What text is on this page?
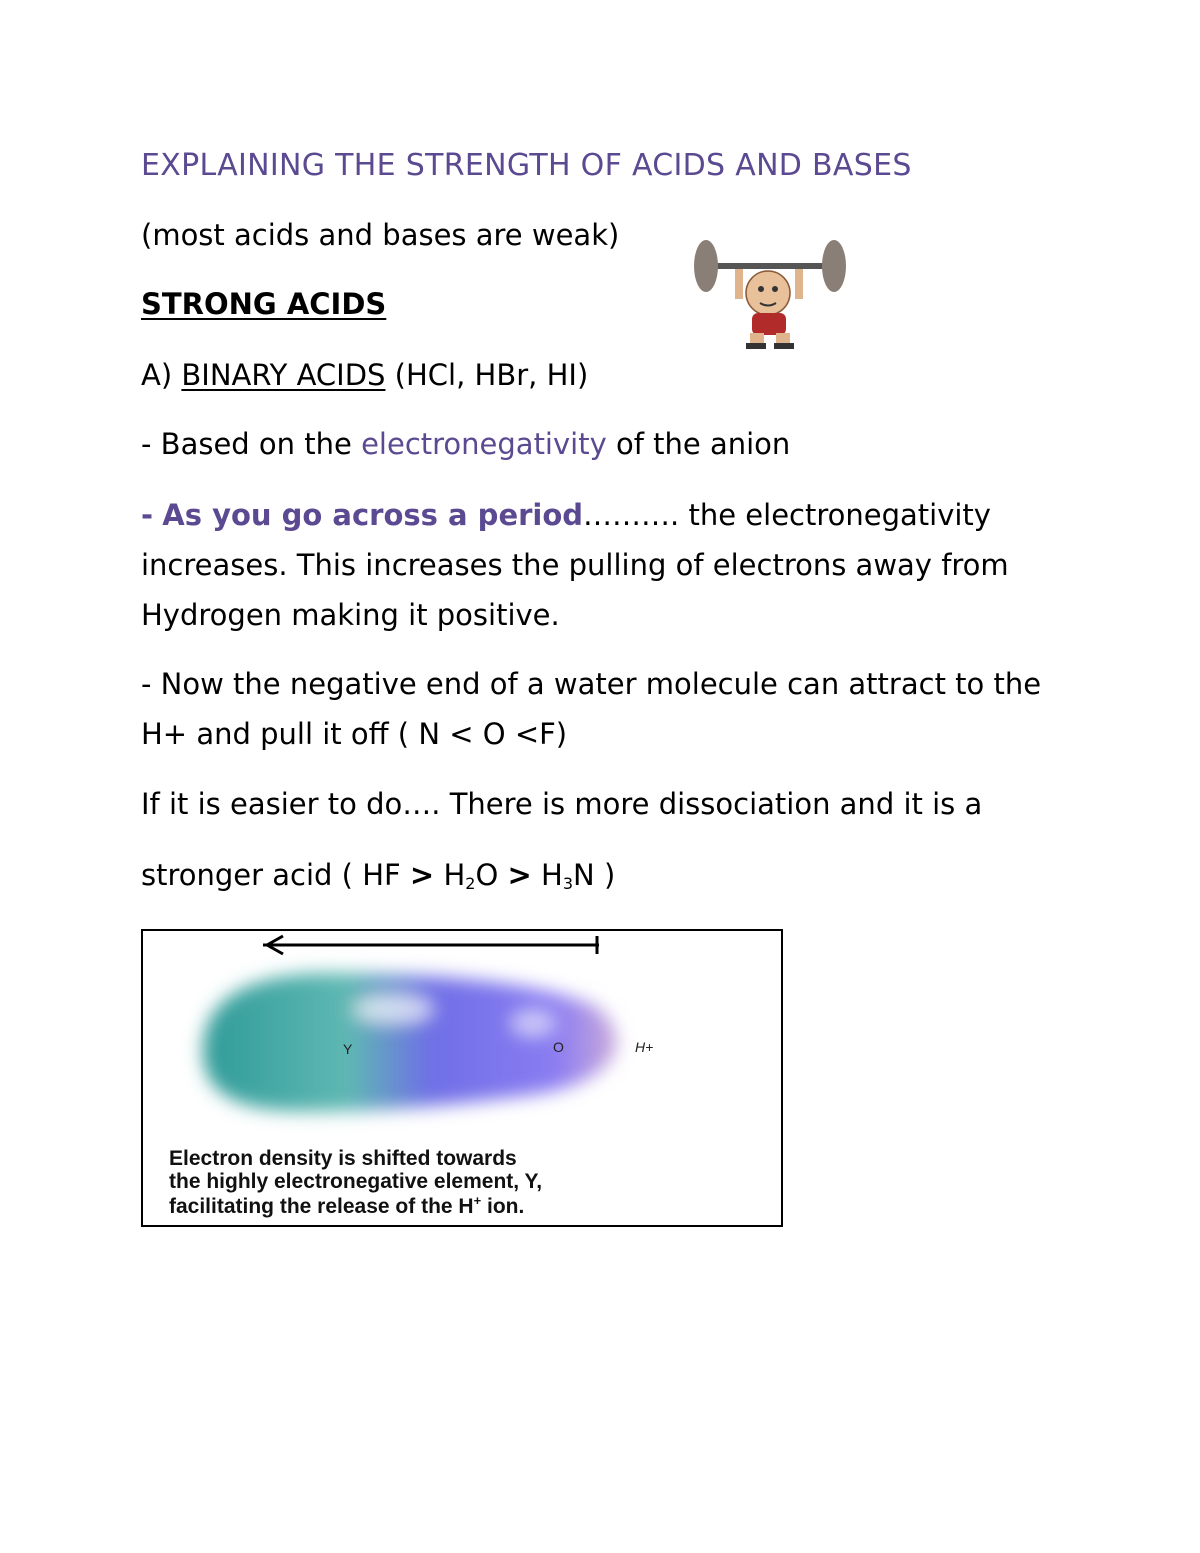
EXPLAINING THE STRENGTH OF ACIDS AND BASES
(most acids and bases are weak)
STRONG ACIDS
A) BINARY ACIDS (HCl, HBr, HI)
- Based on the electronegativity of the anion
- As you go across a period………. the electronegativity
increases. This increases the pulling of electrons away from
Hydrogen making it positive.
- Now the negative end of a water molecule can attract to the
H+ and pull it off ( N < O <F)
If it is easier to do…. There is more dissociation and it is a
stronger acid ( HF > $H_2O > H_3N$ )
Y	O	H+
Electron density is shifted towards
the highly electronegative element, Y,
facilitating the release of the H+ ion.
